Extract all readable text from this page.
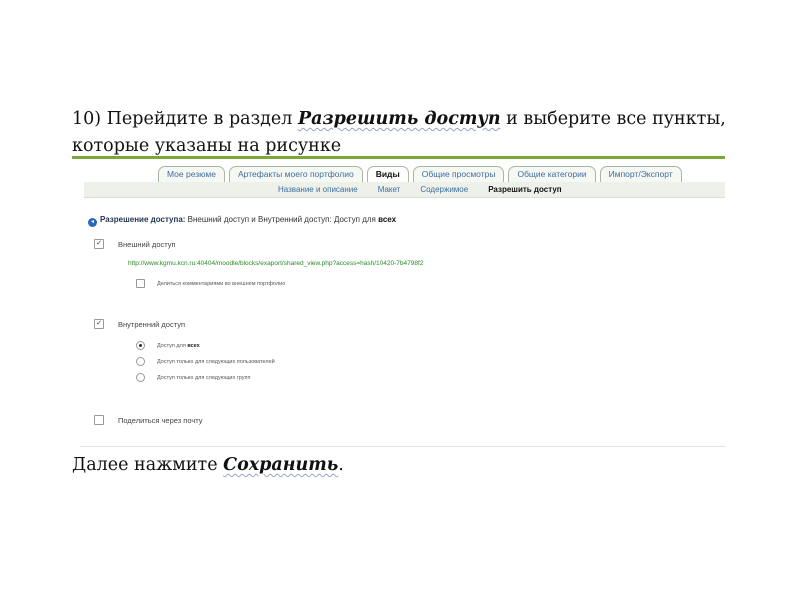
10) Перейдите в раздел Разрешить доступ и выберите все пункты, которые указаны на рисунке
Мое резюме	Артефакты моего портфолио	Виды	Общие просмотры	Общие категории	Импорт/Экспорт
Название и описание	Макет	Содержимое	Разрешить доступ
◂ Разрешение доступа: Внешний доступ и Внутренний доступ: Доступ для всех
✓ Внешний доступ
http://www.kgmu.kcn.ru:40404/moodle/blocks/exaport/shared_view.php?access=hash/10420-7b4798f2
Делиться комментариями во внешнем портфолио
✓ Внутренний доступ
Доступ для всех
Доступ только для следующих пользователей
Доступ только для следующих групп
Поделиться через почту
Далее нажмите Сохранить.
